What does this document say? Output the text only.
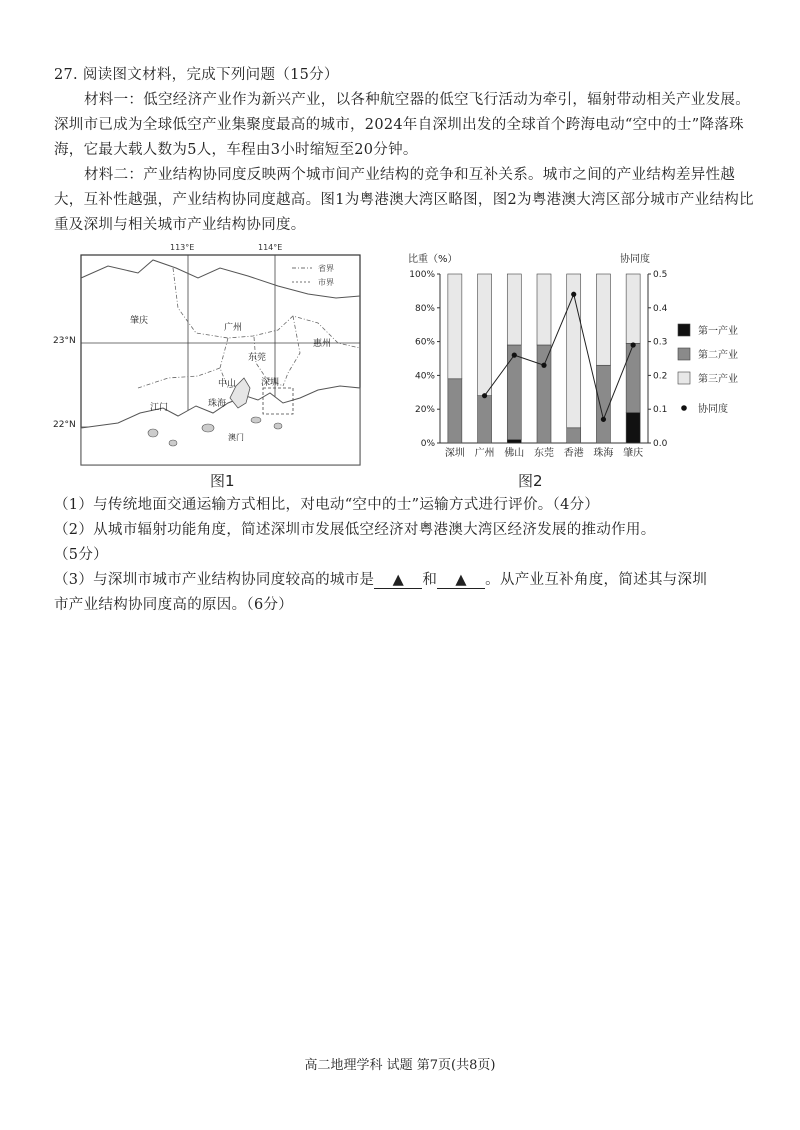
27. 阅读图文材料，完成下列问题（15分）
材料一：低空经济产业作为新兴产业，以各种航空器的低空飞行活动为牵引，辐射带动相关产业发展。深圳市已成为全球低空产业集聚度最高的城市，2024年自深圳出发的全球首个跨海电动“空中的士”降落珠海，它最大载人数为5人，车程由3小时缩短至20分钟。
材料二：产业结构协同度反映两个城市间产业结构的竞争和互补关系。城市之间的产业结构差异性越大，互补性越强，产业结构协同度越高。图1为粤港澳大湾区略图，图2为粤港澳大湾区部分城市产业结构比重及深圳与相关城市产业结构协同度。
113°E	114°E
省界
市界
肇庆
广州
惠州
东莞
中山	深圳
江门	珠海
澳门
23°N
22°N
图1
比重（%）	协同度
0%
20%
40%
60%
80%
100%
0.0
0.1
0.2
0.3
0.4
0.5
深圳 广州 佛山 东莞 香港 珠海 肇庆
第一产业
第二产业
第三产业
协同度
图2
（1）与传统地面交通运输方式相比，对电动“空中的士”运输方式进行评价。（4分）
（2）从城市辐射功能角度，简述深圳市发展低空经济对粤港澳大湾区经济发展的推动作用。
（5分）
（3）与深圳市城市产业结构协同度较高的城市是 ▲ 和 ▲ 。从产业互补角度，简述其与深圳
市产业结构协同度高的原因。（6分）
高二地理学科 试题 第7页(共8页)
